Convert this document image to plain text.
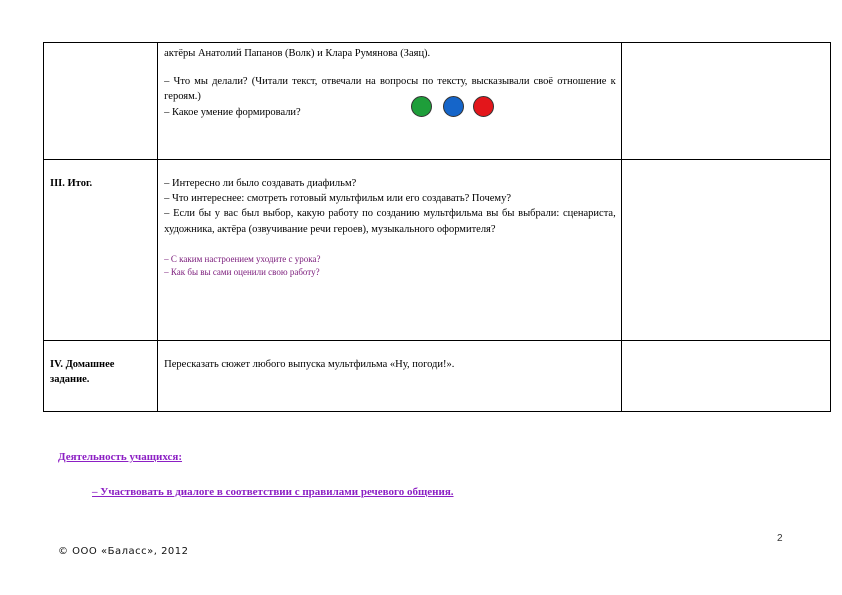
	актёры Анатолий Папанов (Волк) и Клара Румянова (Заяц).

– Что мы делали? (Читали текст, отвечали на вопросы по тексту, высказывали своё отношение к героям.)

– Какое умение формировали?	

III. Итог.	– Интересно ли было создавать диафильм?

– Что интереснее: смотреть готовый мультфильм или его создавать? Почему?

– Если бы у вас был выбор, какую работу по созданию мультфильма вы бы выбрали: сценариста, художника, актёра (озвучивание речи героев), музыкального оформителя?

– С каким настроением уходите с урока?

– Как бы вы сами оценили свою работу?	

IV. Домашнее задание.	Пересказать сюжет любого выпуска мультфильма «Ну, погоди!».	

Деятельность учащихся:
– Участвовать в диалоге в соответствии с правилами речевого общения.
2
© ООО «Баласс», 2012
